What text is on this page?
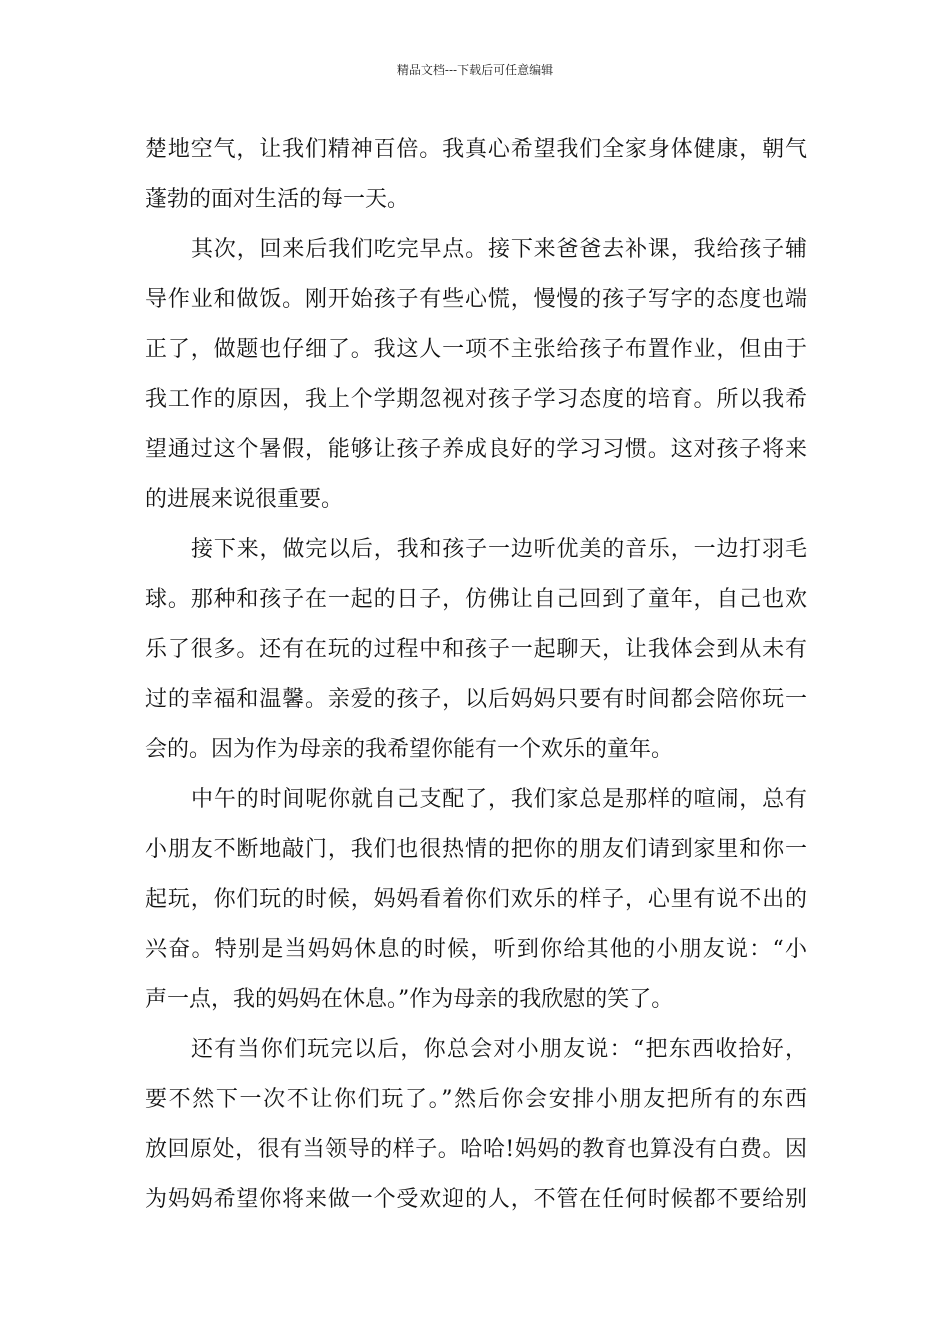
精品文档---下载后可任意编辑

楚地空气，让我们精神百倍。我真心希望我们全家身体健康，朝气
蓬勃的面对生活的每一天。

其次，回来后我们吃完早点。接下来爸爸去补课，我给孩子辅
导作业和做饭。刚开始孩子有些心慌，慢慢的孩子写字的态度也端
正了，做题也仔细了。我这人一项不主张给孩子布置作业，但由于
我工作的原因，我上个学期忽视对孩子学习态度的培育。所以我希
望通过这个暑假，能够让孩子养成良好的学习习惯。这对孩子将来
的进展来说很重要。

接下来，做完以后，我和孩子一边听优美的音乐，一边打羽毛
球。那种和孩子在一起的日子，仿佛让自己回到了童年，自己也欢
乐了很多。还有在玩的过程中和孩子一起聊天，让我体会到从未有
过的幸福和温馨。亲爱的孩子，以后妈妈只要有时间都会陪你玩一
会的。因为作为母亲的我希望你能有一个欢乐的童年。

中午的时间呢你就自己支配了，我们家总是那样的喧闹，总有
小朋友不断地敲门，我们也很热情的把你的朋友们请到家里和你一
起玩，你们玩的时候，妈妈看着你们欢乐的样子，心里有说不出的
兴奋。特别是当妈妈休息的时候，听到你给其他的小朋友说：“小
声一点，我的妈妈在休息。”作为母亲的我欣慰的笑了。

还有当你们玩完以后，你总会对小朋友说：“把东西收拾好，
要不然下一次不让你们玩了。”然后你会安排小朋友把所有的东西
放回原处，很有当领导的样子。哈哈!妈妈的教育也算没有白费。因
为妈妈希望你将来做一个受欢迎的人，不管在任何时候都不要给别
